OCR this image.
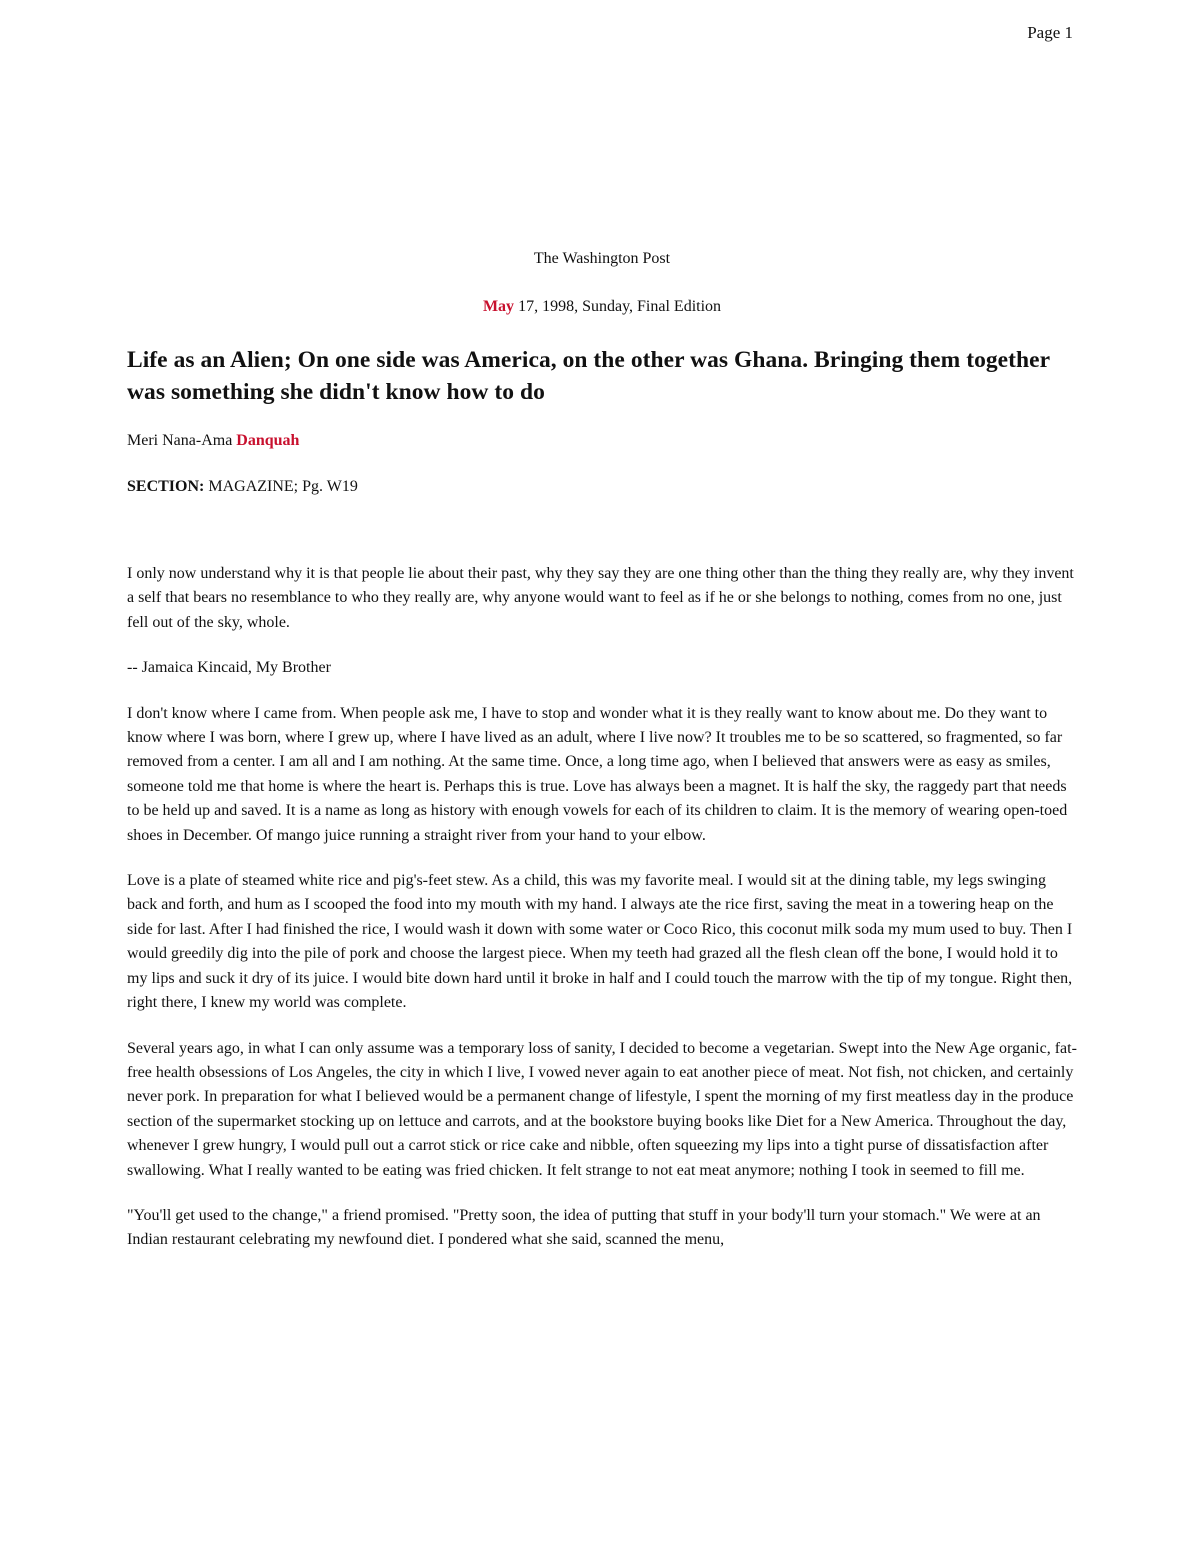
Page 1

The Washington Post

May 17, 1998, Sunday, Final Edition

Life as an Alien; On one side was America, on the other was Ghana. Bringing them together was something she didn't know how to do

Meri Nana-Ama Danquah

SECTION: MAGAZINE; Pg. W19

I only now understand why it is that people lie about their past, why they say they are one thing other than the thing they really are, why they invent a self that bears no resemblance to who they really are, why anyone would want to feel as if he or she belongs to nothing, comes from no one, just fell out of the sky, whole.

-- Jamaica Kincaid, My Brother

I don't know where I came from. When people ask me, I have to stop and wonder what it is they really want to know about me. Do they want to know where I was born, where I grew up, where I have lived as an adult, where I live now? It troubles me to be so scattered, so fragmented, so far removed from a center. I am all and I am nothing. At the same time. Once, a long time ago, when I believed that answers were as easy as smiles, someone told me that home is where the heart is. Perhaps this is true. Love has always been a magnet. It is half the sky, the raggedy part that needs to be held up and saved. It is a name as long as history with enough vowels for each of its children to claim. It is the memory of wearing open-toed shoes in December. Of mango juice running a straight river from your hand to your elbow.

Love is a plate of steamed white rice and pig's-feet stew. As a child, this was my favorite meal. I would sit at the dining table, my legs swinging back and forth, and hum as I scooped the food into my mouth with my hand. I always ate the rice first, saving the meat in a towering heap on the side for last. After I had finished the rice, I would wash it down with some water or Coco Rico, this coconut milk soda my mum used to buy. Then I would greedily dig into the pile of pork and choose the largest piece. When my teeth had grazed all the flesh clean off the bone, I would hold it to my lips and suck it dry of its juice. I would bite down hard until it broke in half and I could touch the marrow with the tip of my tongue. Right then, right there, I knew my world was complete.

Several years ago, in what I can only assume was a temporary loss of sanity, I decided to become a vegetarian. Swept into the New Age organic, fat-free health obsessions of Los Angeles, the city in which I live, I vowed never again to eat another piece of meat. Not fish, not chicken, and certainly never pork. In preparation for what I believed would be a permanent change of lifestyle, I spent the morning of my first meatless day in the produce section of the supermarket stocking up on lettuce and carrots, and at the bookstore buying books like Diet for a New America. Throughout the day, whenever I grew hungry, I would pull out a carrot stick or rice cake and nibble, often squeezing my lips into a tight purse of dissatisfaction after swallowing. What I really wanted to be eating was fried chicken. It felt strange to not eat meat anymore; nothing I took in seemed to fill me.

"You'll get used to the change," a friend promised. "Pretty soon, the idea of putting that stuff in your body'll turn your stomach." We were at an Indian restaurant celebrating my newfound diet. I pondered what she said, scanned the menu,
